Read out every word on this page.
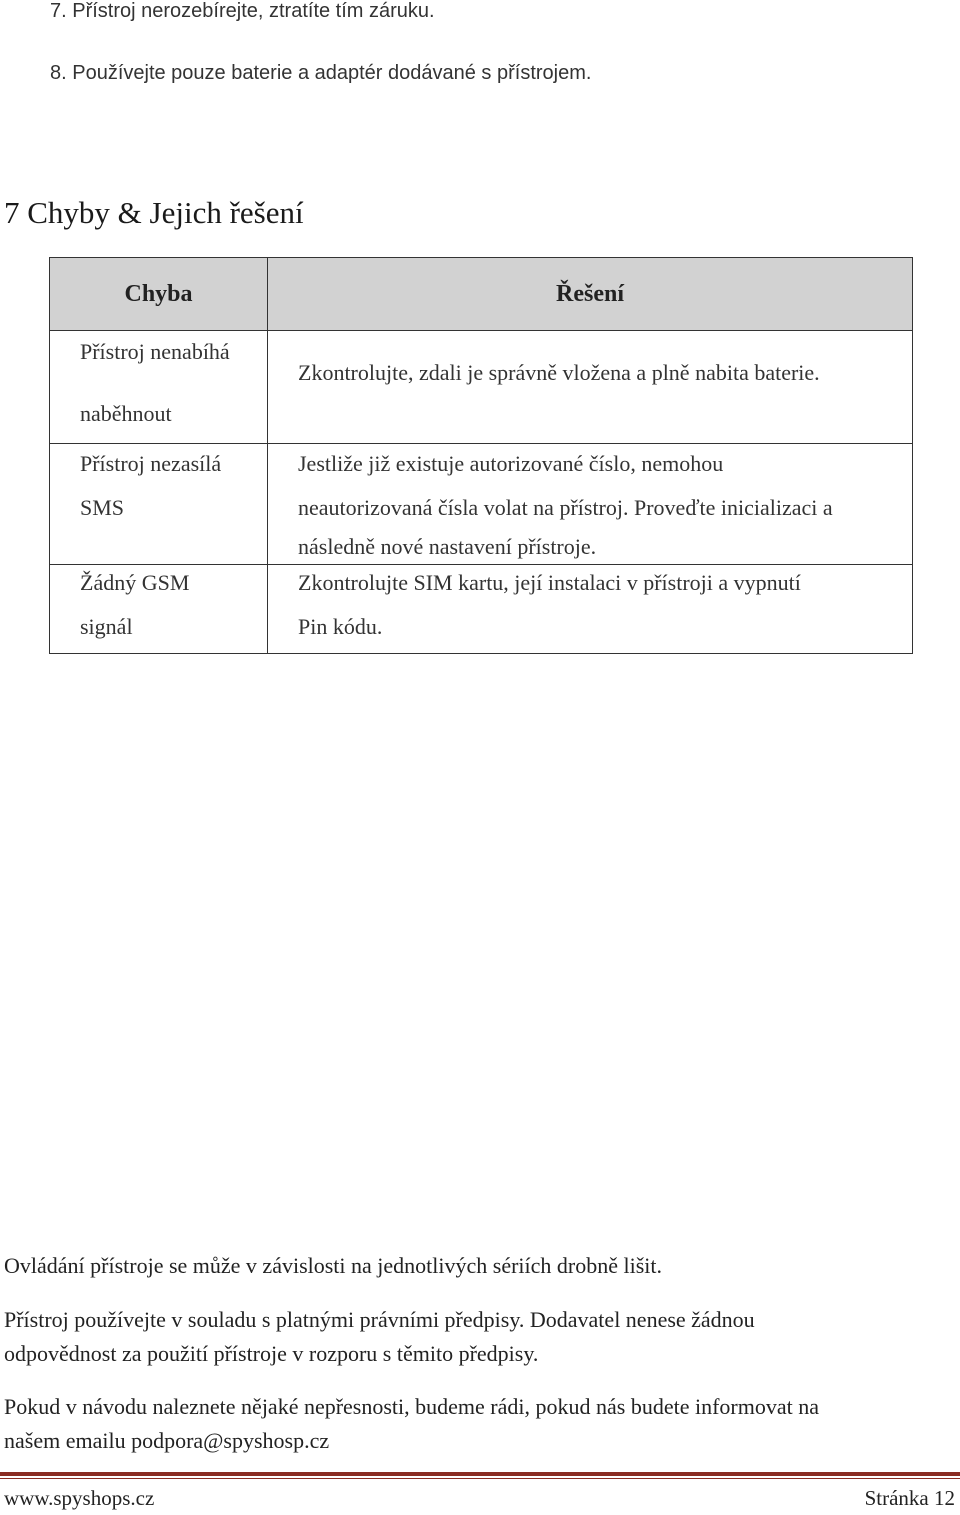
7. Přístroj nerozebírejte, ztratíte tím záruku.
8. Používejte pouze baterie a adaptér dodávané s přístrojem.
7 Chyby & Jejich řešení
Chyba	Řešení

Přístroj nenabíhá
naběhnout	Zkontrolujte, zdali je správně vložena a plně nabita baterie.

Přístroj nezasílá
SMS	Jestliže již existuje autorizované číslo, nemohou
neautorizovaná čísla volat na přístroj. Proveďte inicializaci a
následně nové nastavení přístroje.

Žádný GSM
signál	Zkontrolujte SIM kartu, její instalaci v přístroji a vypnutí
Pin kódu.
Ovládání přístroje se může v závislosti na jednotlivých sériích drobně lišit.
Přístroj používejte v souladu s platnými právními předpisy. Dodavatel nenese žádnou
odpovědnost za použití přístroje v rozporu s těmito předpisy.
Pokud v návodu naleznete nějaké nepřesnosti, budeme rádi, pokud nás budete informovat na
našem emailu podpora@spyshosp.cz
www.spyshops.cz	Stránka 12
